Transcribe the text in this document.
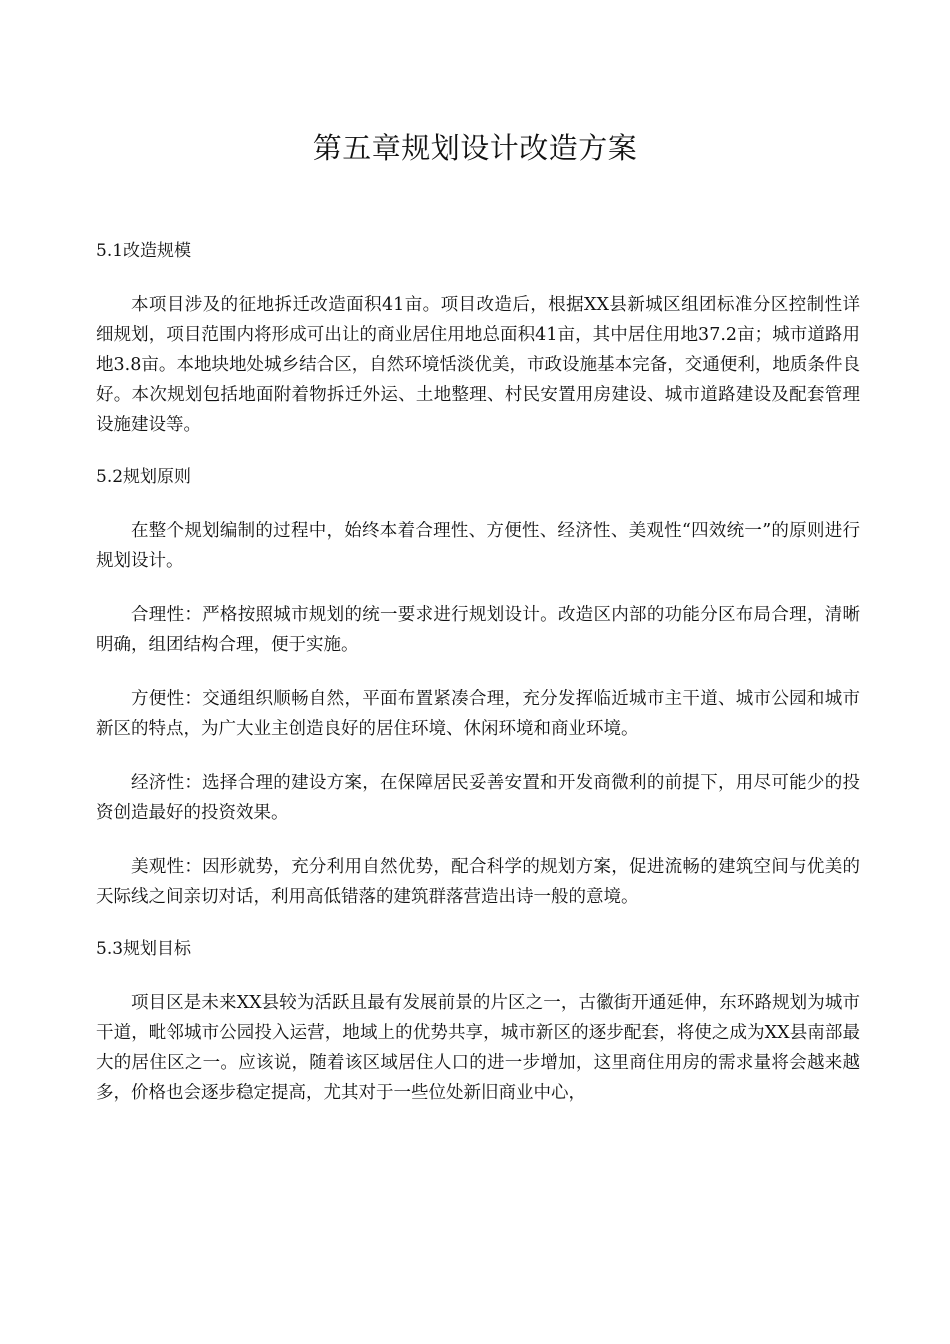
第五章规划设计改造方案
5.1改造规模

本项目涉及的征地拆迁改造面积41亩。项目改造后，根据XX县新城区组团标准分区控制性详细规划，项目范围内将形成可出让的商业居住用地总面积41亩，其中居住用地37.2亩；城市道路用地3.8亩。本地块地处城乡结合区，自然环境恬淡优美，市政设施基本完备，交通便利，地质条件良好。本次规划包括地面附着物拆迁外运、土地整理、村民安置用房建设、城市道路建设及配套管理设施建设等。

5.2规划原则

在整个规划编制的过程中，始终本着合理性、方便性、经济性、美观性“四效统一”的原则进行规划设计。

合理性：严格按照城市规划的统一要求进行规划设计。改造区内部的功能分区布局合理，清晰明确，组团结构合理，便于实施。

方便性：交通组织顺畅自然，平面布置紧凑合理，充分发挥临近城市主干道、城市公园和城市新区的特点，为广大业主创造良好的居住环境、休闲环境和商业环境。

经济性：选择合理的建设方案，在保障居民妥善安置和开发商微利的前提下，用尽可能少的投资创造最好的投资效果。

美观性：因形就势，充分利用自然优势，配合科学的规划方案，促进流畅的建筑空间与优美的天际线之间亲切对话，利用高低错落的建筑群落营造出诗一般的意境。

5.3规划目标

项目区是未来XX县较为活跃且最有发展前景的片区之一，古徽街开通延伸，东环路规划为城市干道，毗邻城市公园投入运营，地域上的优势共享，城市新区的逐步配套，将使之成为XX县南部最大的居住区之一。应该说，随着该区域居住人口的进一步增加，这里商住用房的需求量将会越来越多，价格也会逐步稳定提高，尤其对于一些位处新旧商业中心，
